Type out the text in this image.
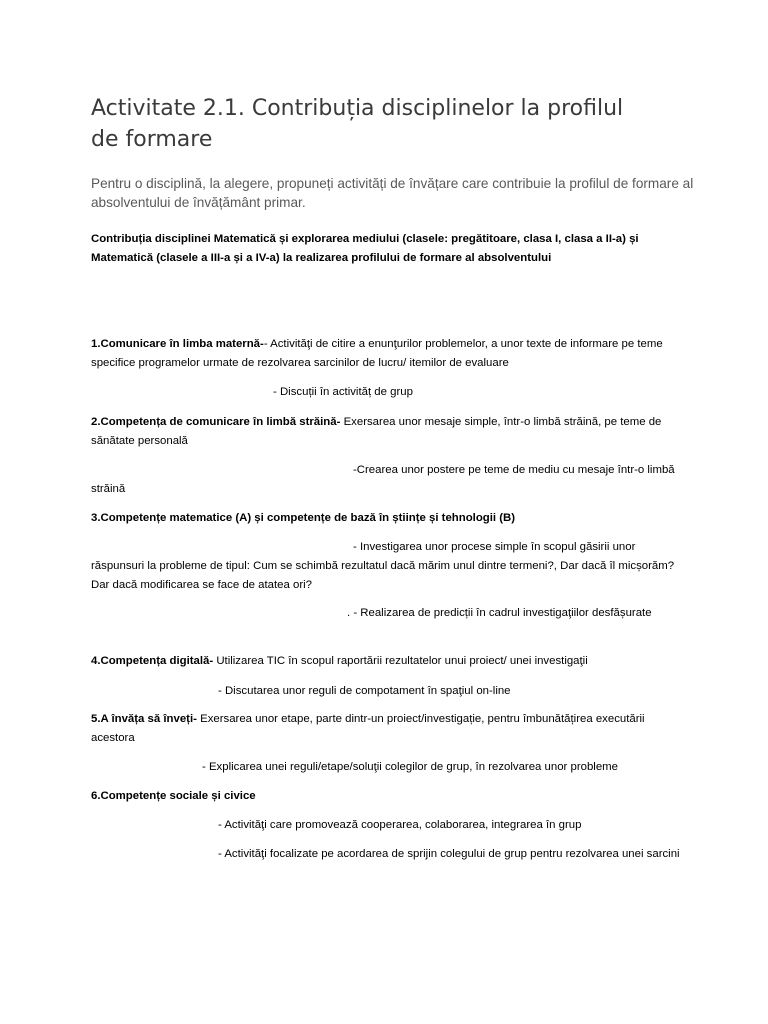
Activitate 2.1. Contribuția disciplinelor la profilul de formare
Pentru o disciplină, la alegere, propuneți activități de învățare care contribuie la profilul de formare al absolventului de învățământ primar.
Contribuția disciplinei Matematică și explorarea mediului (clasele: pregătitoare, clasa I, clasa a II-a) și Matematică (clasele a III-a și a IV-a) la realizarea profilului de formare al absolventului
1.Comunicare în limba maternă-- Activităţi de citire a enunţurilor problemelor, a unor texte de informare pe teme specifice programelor urmate de rezolvarea sarcinilor de lucru/ itemilor de evaluare
- Discuții în activităț de grup
2.Competența de comunicare în limbă străină- Exersarea unor mesaje simple, într-o limbă străină, pe teme de sănătate personală
-Crearea unor postere pe teme de mediu cu mesaje într-o limbă străină
3.Competențe matematice (A) și competențe de bază în științe și tehnologii (B)
- Investigarea unor procese simple în scopul găsirii unor răspunsuri la probleme de tipul: Cum se schimbă rezultatul dacă mărim unul dintre termeni?, Dar dacă îl micșorăm? Dar dacă modificarea se face de atatea ori?
. - Realizarea de predicții în cadrul investigaţiilor desfășurate
4.Competența digitală- Utilizarea TIC în scopul raportării rezultatelor unui proiect/ unei investigaţii
- Discutarea unor reguli de compotament în spaţiul on-line
5.A învăța să înveți- Exersarea unor etape, parte dintr-un proiect/investigație, pentru îmbunătățirea executării acestora
- Explicarea unei reguli/etape/soluţii colegilor de grup, în rezolvarea unor probleme
6.Competențe sociale și civice
- Activităţi care promovează cooperarea, colaborarea, integrarea în grup
- Activităţi focalizate pe acordarea de sprijin colegului de grup pentru rezolvarea unei sarcini
